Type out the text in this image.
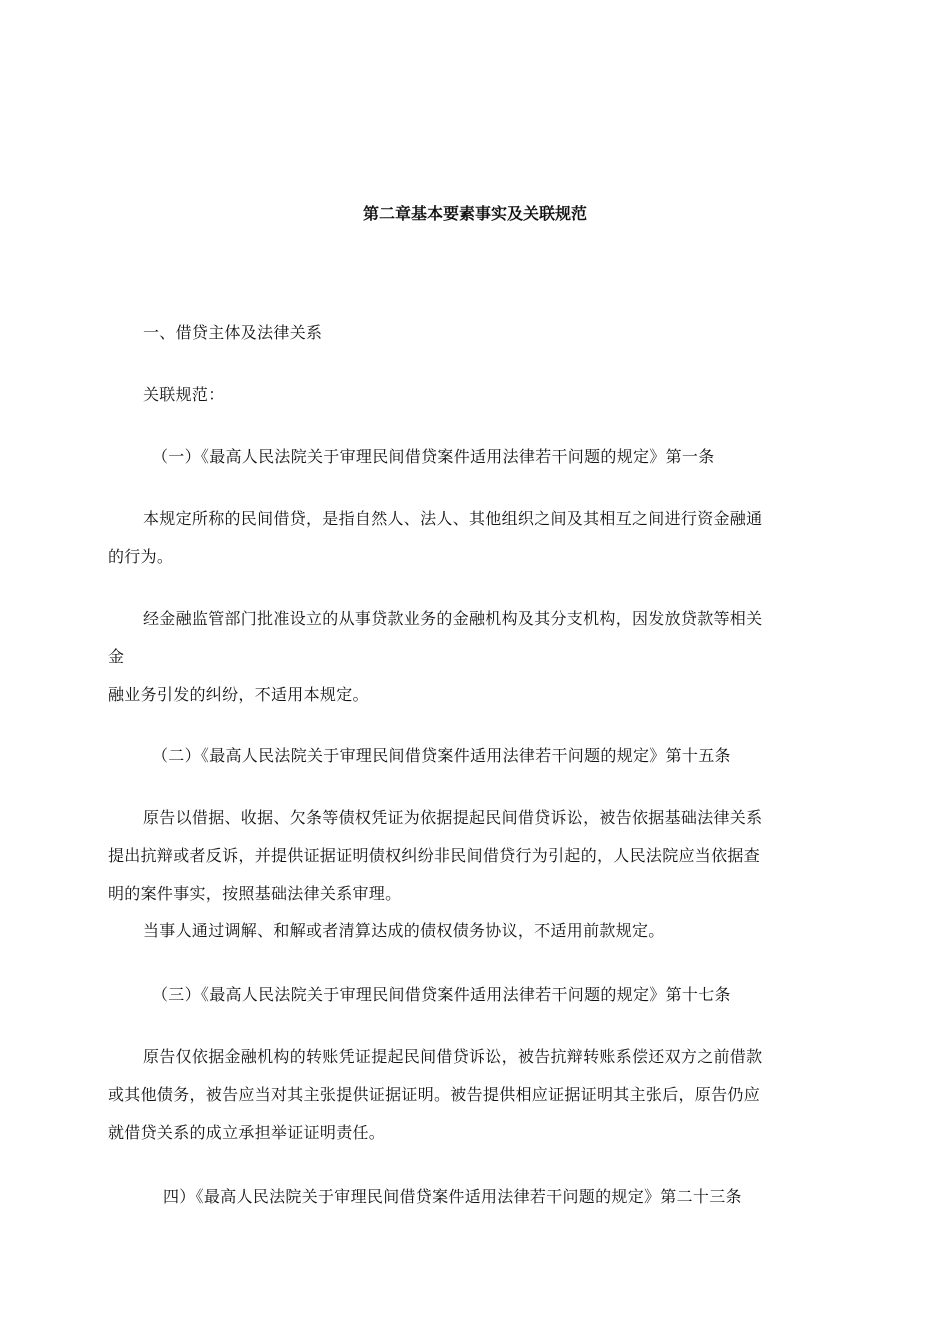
第二章基本要素事实及关联规范
一、借贷主体及法律关系
关联规范：
（一）《最高人民法院关于审理民间借贷案件适用法律若干问题的规定》第一条
本规定所称的民间借贷，是指自然人、法人、其他组织之间及其相互之间进行资金融通
的行为。
经金融监管部门批准设立的从事贷款业务的金融机构及其分支机构，因发放贷款等相关
金
融业务引发的纠纷，不适用本规定。
（二）《最高人民法院关于审理民间借贷案件适用法律若干问题的规定》第十五条
原告以借据、收据、欠条等债权凭证为依据提起民间借贷诉讼，被告依据基础法律关系
提出抗辩或者反诉，并提供证据证明债权纠纷非民间借贷行为引起的，人民法院应当依据查
明的案件事实，按照基础法律关系审理。
当事人通过调解、和解或者清算达成的债权债务协议，不适用前款规定。
（三）《最高人民法院关于审理民间借贷案件适用法律若干问题的规定》第十七条
原告仅依据金融机构的转账凭证提起民间借贷诉讼，被告抗辩转账系偿还双方之前借款
或其他债务，被告应当对其主张提供证据证明。被告提供相应证据证明其主张后，原告仍应
就借贷关系的成立承担举证证明责任。
四）《最高人民法院关于审理民间借贷案件适用法律若干问题的规定》第二十三条
